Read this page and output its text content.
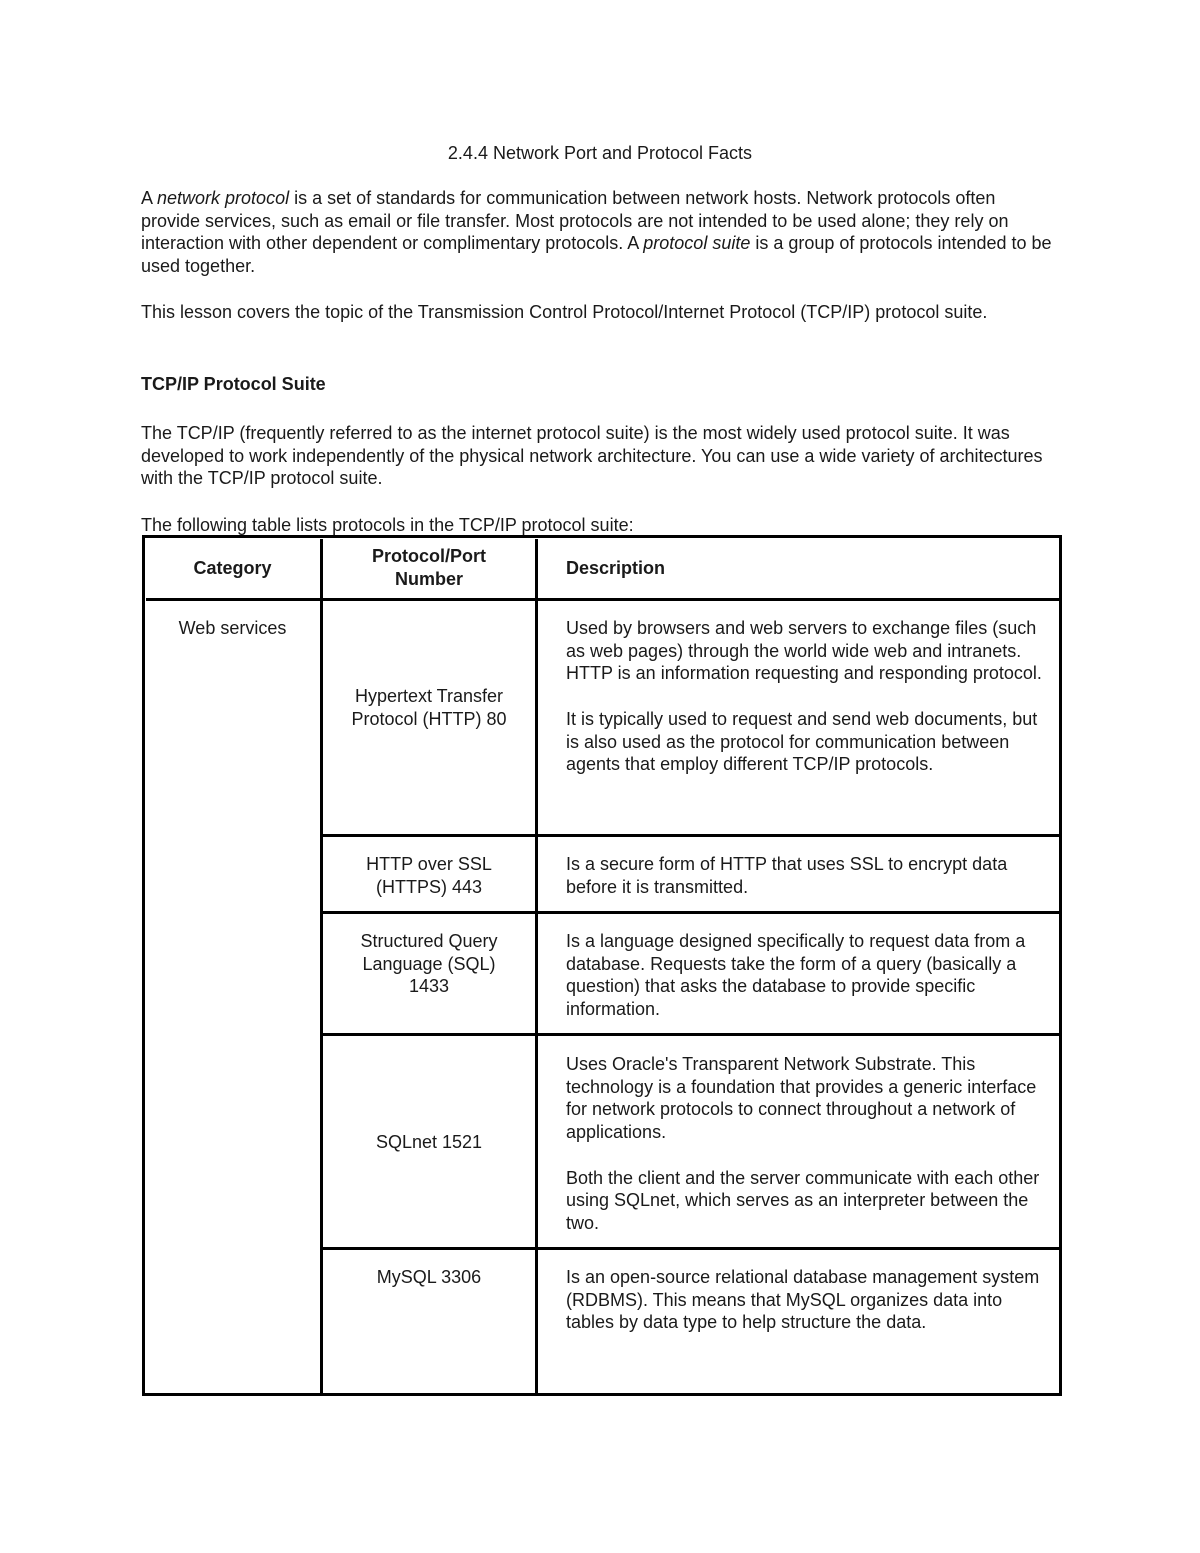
2.4.4 Network Port and Protocol Facts

A network protocol is a set of standards for communication between network hosts. Network protocols often provide services, such as email or file transfer. Most protocols are not intended to be used alone; they rely on interaction with other dependent or complimentary protocols. A protocol suite is a group of protocols intended to be used together.

This lesson covers the topic of the Transmission Control Protocol/Internet Protocol (TCP/IP) protocol suite.

TCP/IP Protocol Suite

The TCP/IP (frequently referred to as the internet protocol suite) is the most widely used protocol suite. It was developed to work independently of the physical network architecture. You can use a wide variety of architectures with the TCP/IP protocol suite.

The following table lists protocols in the TCP/IP protocol suite:

Category
Protocol/Port Number
Description
Web services
Hypertext Transfer Protocol (HTTP) 80

Used by browsers and web servers to exchange files (such as web pages) through the world wide web and intranets. HTTP is an information requesting and responding protocol.

It is typically used to request and send web documents, but is also used as the protocol for communication between agents that employ different TCP/IP protocols.

HTTP over SSL (HTTPS) 443

Is a secure form of HTTP that uses SSL to encrypt data before it is transmitted.

Structured Query Language (SQL) 1433

Is a language designed specifically to request data from a database. Requests take the form of a query (basically a question) that asks the database to provide specific information.

SQLnet 1521

Uses Oracle's Transparent Network Substrate. This technology is a foundation that provides a generic interface for network protocols to connect throughout a network of applications.

Both the client and the server communicate with each other using SQLnet, which serves as an interpreter between the two.

MySQL 3306	Is an open-source relational database management system (RDBMS). This means that MySQL organizes data into tables by data type to help structure the data.
